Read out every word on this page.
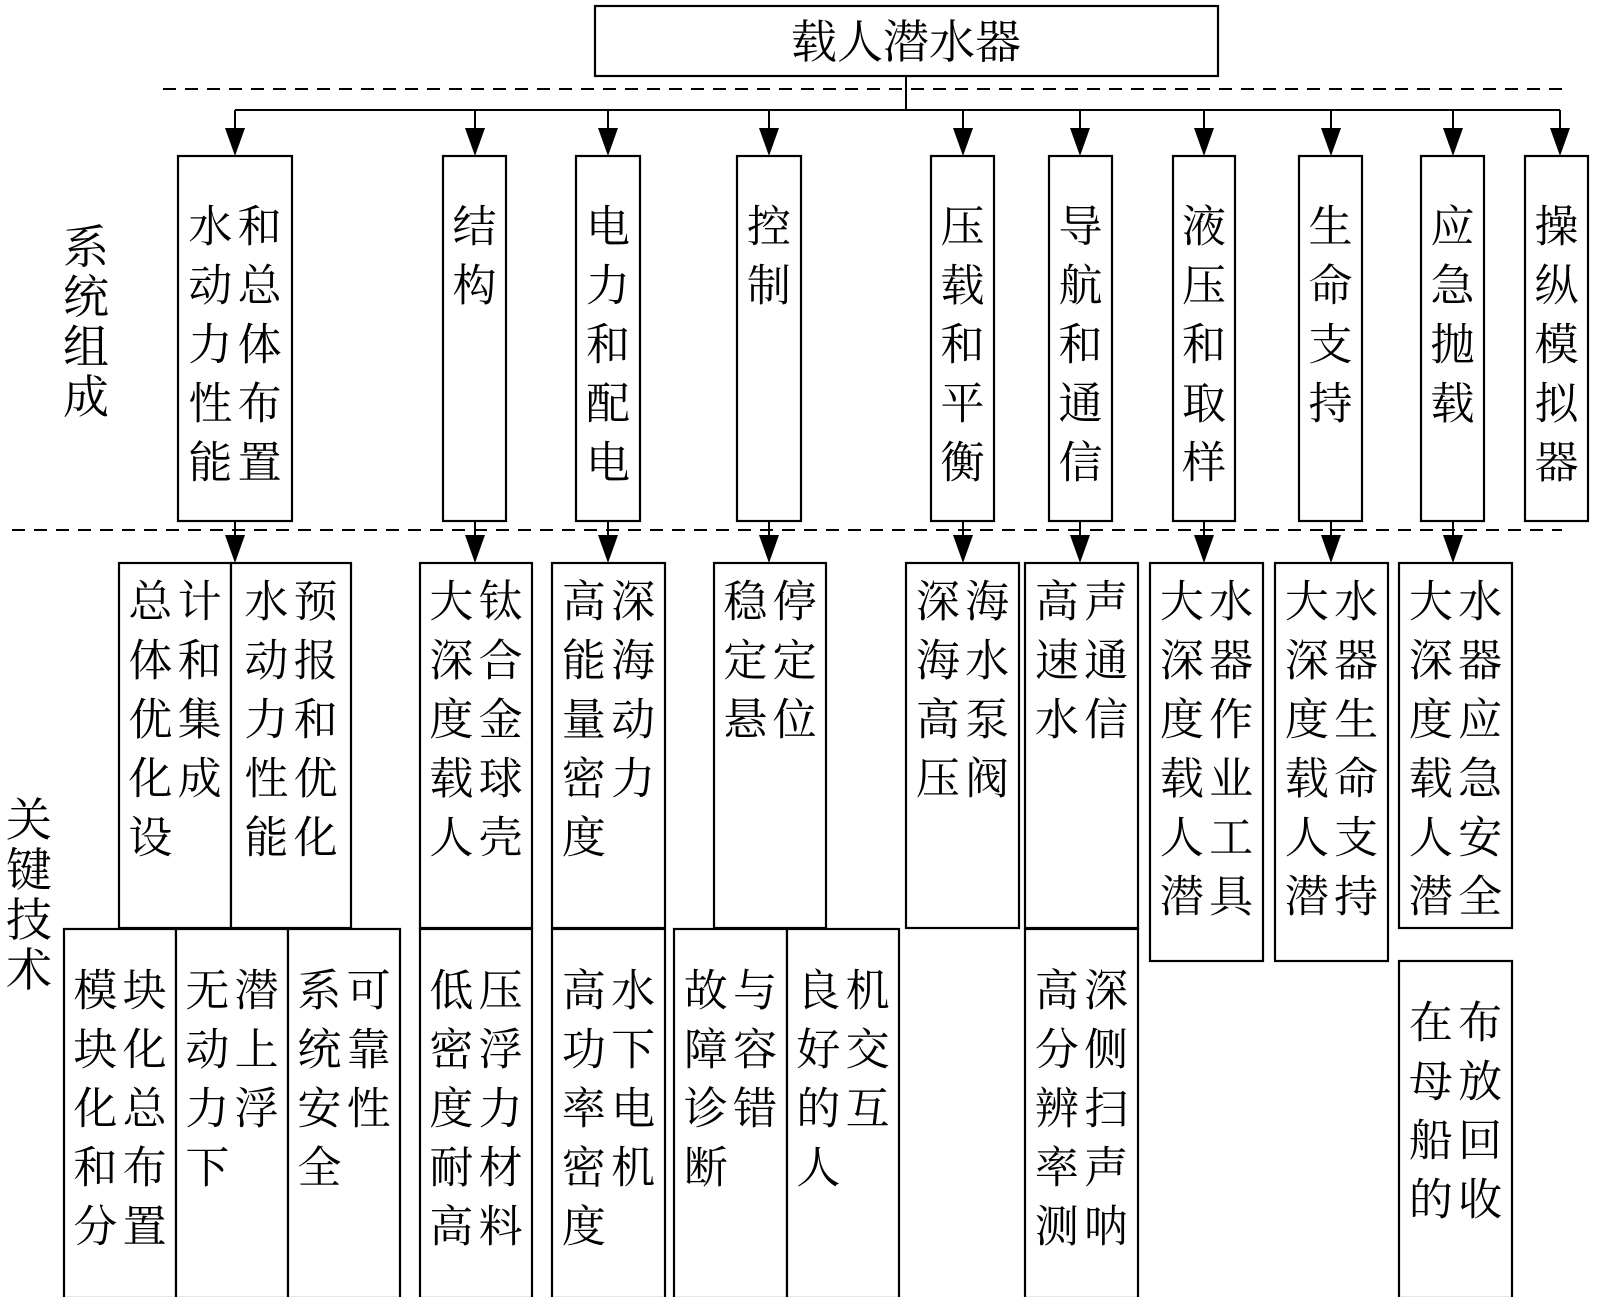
载人潜水器
水
动
力
性
能
和
总
体
布
置
结
构
电
力
和
配
电
控
制
压
载
和
平
衡
导
航
和
通
信
液
压
和
取
样
生
命
支
持
应
急
抛
载
操
纵
模
拟
器
总
体
优
化
设
计
和
集
成
水
动
力
性
能
预
报
和
优
化
大
深
度
载
人
钛
合
金
球
壳
高
能
量
密
度
深
海
动
力
稳
定
悬
停
定
位
深
海
高
压
海
水
泵
阀
高
速
水
声
通
信
大
深
度
载
人
潜
水
器
作
业
工
具
大
深
度
载
人
潜
水
器
生
命
支
持
大
深
度
载
人
潜
水
器
应
急
安
全
模
块
化
和
分
块
化
总
布
置
无
动
力
下
潜
上
浮
系
统
安
全
可
靠
性
低
密
度
耐
高
压
浮
力
材
料
高
功
率
密
度
水
下
电
机
故
障
诊
断
与
容
错
良
好
的
人
机
交
互
高
分
辨
率
测
深
侧
扫
声
呐
在
母
船
的
布
放
回
收
系统组成
关键技术
